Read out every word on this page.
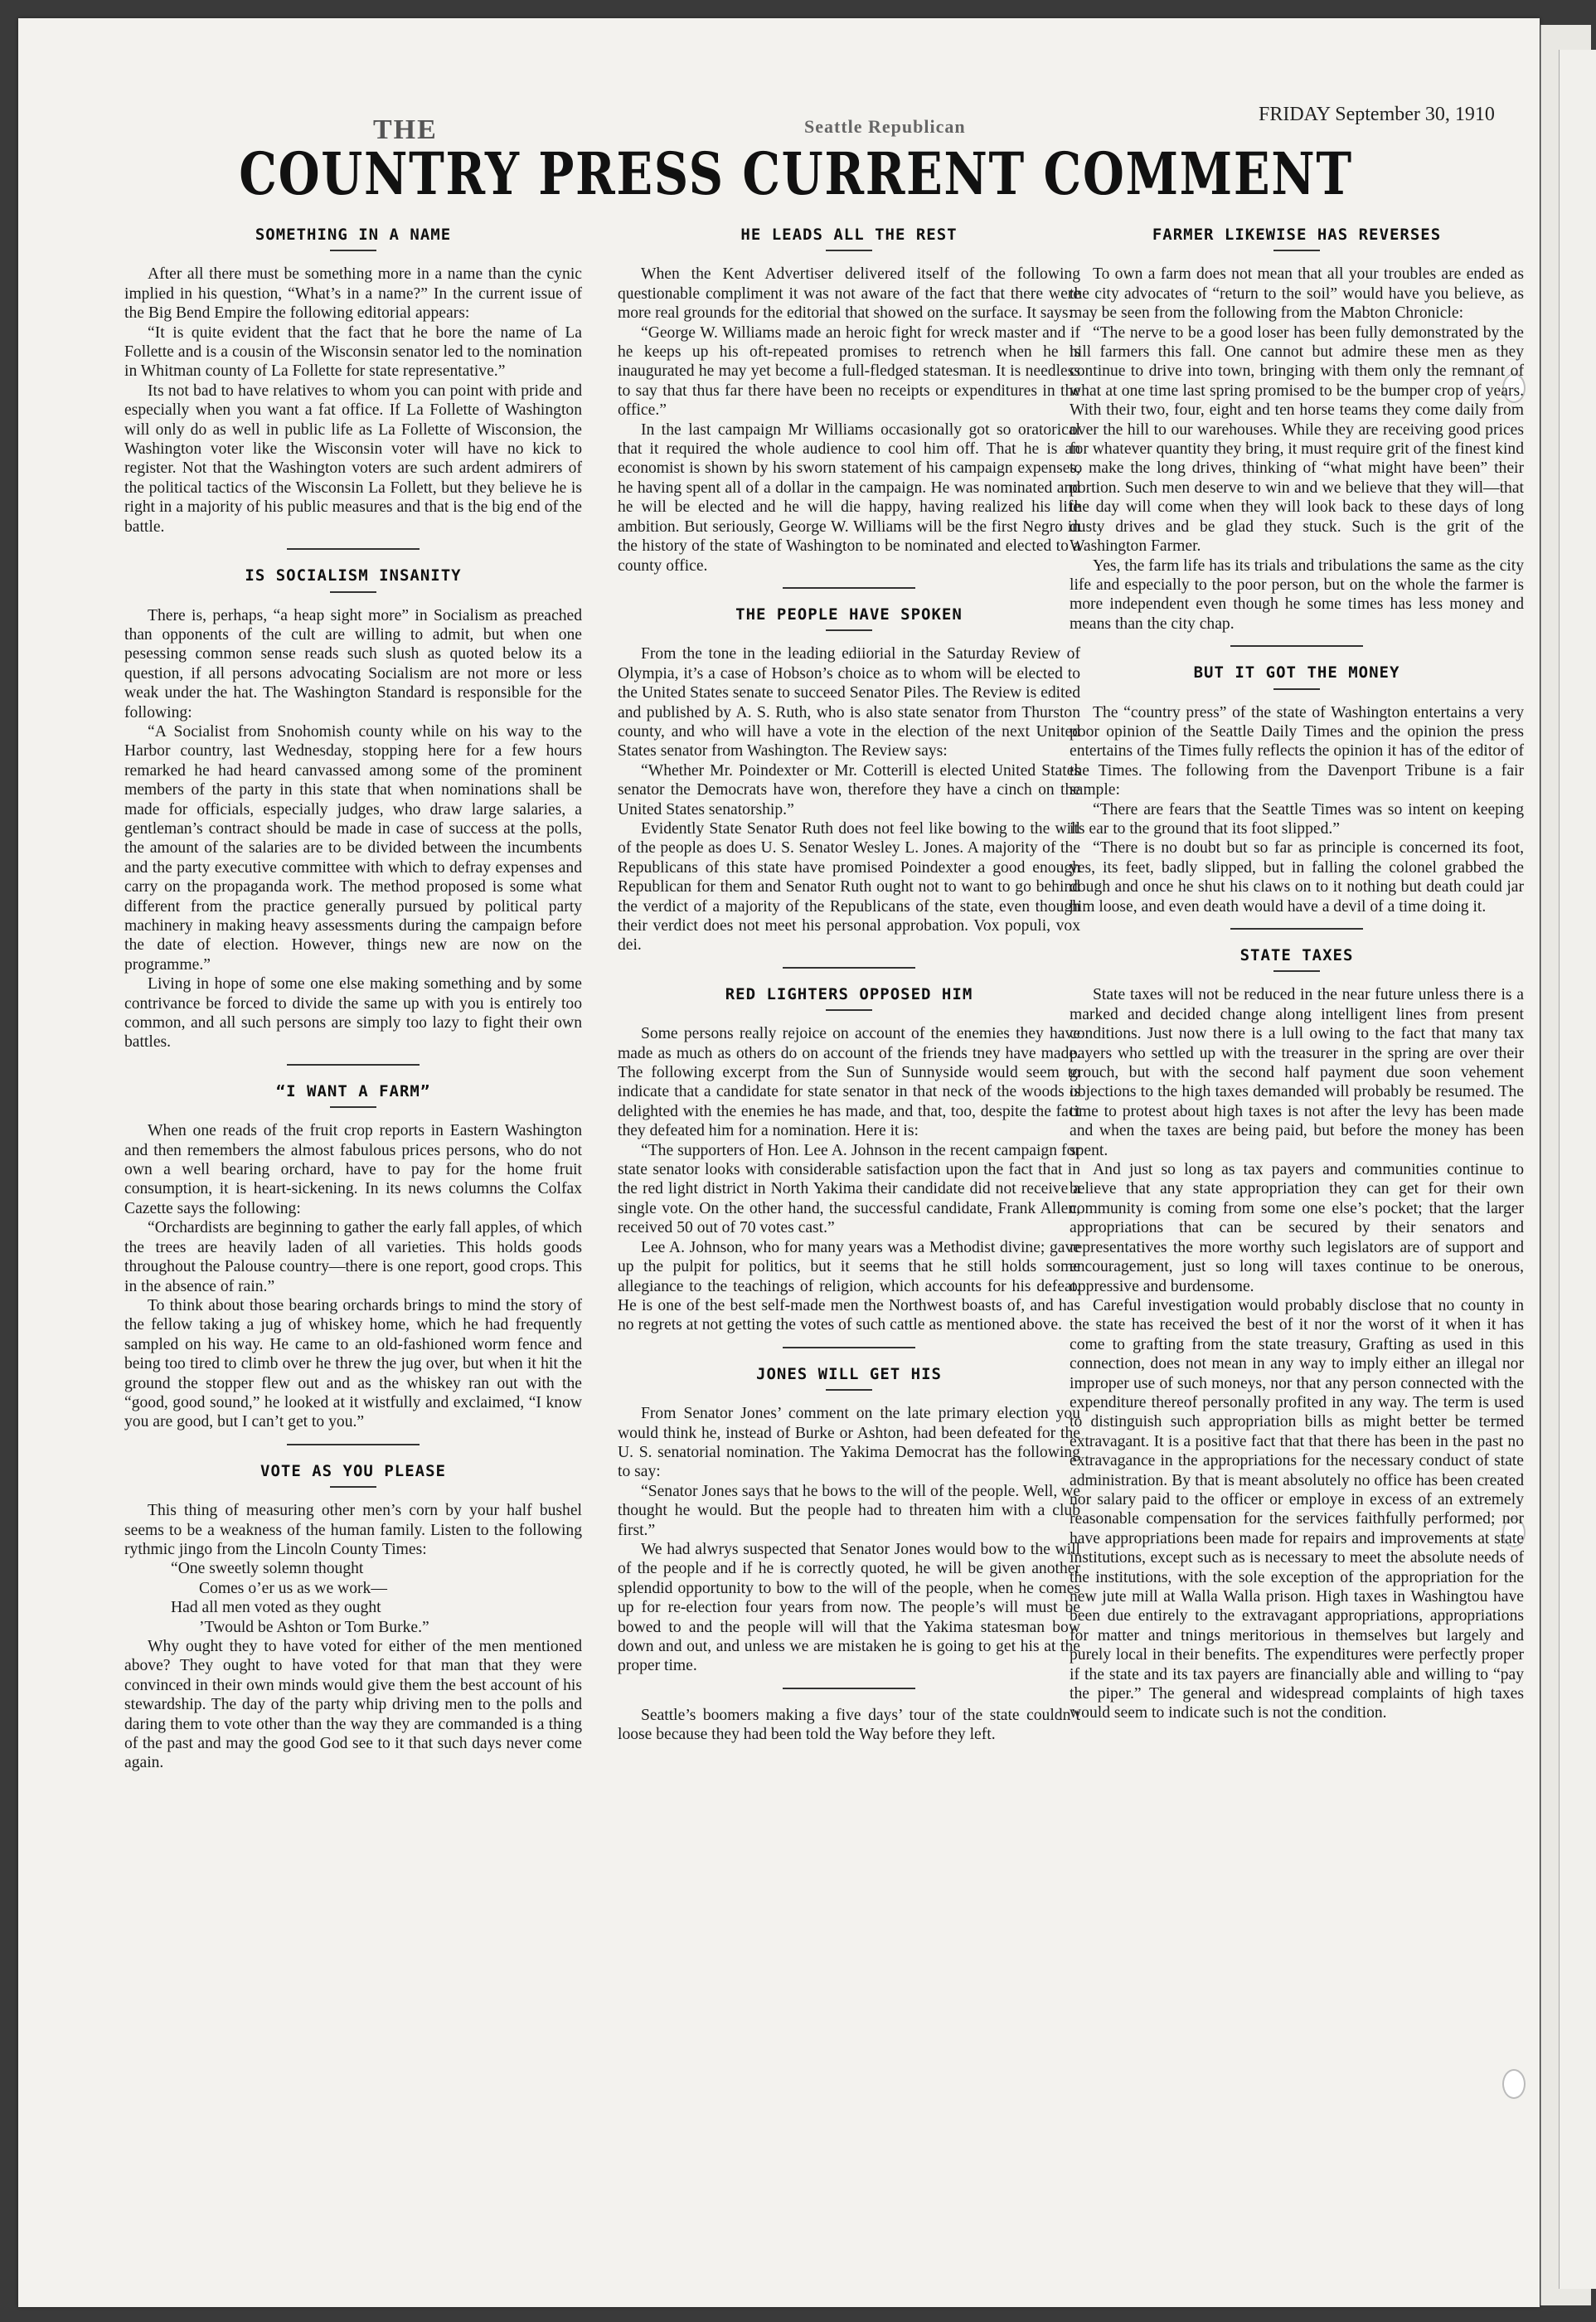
THE	Seattle Republican
FRIDAY September 30, 1910
COUNTRY PRESS CURRENT COMMENT
SOMETHING IN A NAME

After all there must be something more in a name than the cynic implied in his question, “What’s in a name?” In the current issue of the Big Bend Empire the following editorial appears:

“It is quite evident that the fact that he bore the name of La Follette and is a cousin of the Wisconsin senator led to the nomination in Whitman county of La Follette for state representative.”

Its not bad to have relatives to whom you can point with pride and especially when you want a fat office. If La Follette of Washington will only do as well in public life as La Follette of Wisconsion, the Washington voter like the Wisconsin voter will have no kick to register. Not that the Washington voters are such ardent admirers of the political tactics of the Wisconsin La Follett, but they believe he is right in a majority of his public measures and that is the big end of the battle.

IS SOCIALISM INSANITY

There is, perhaps, “a heap sight more” in Socialism as preached than opponents of the cult are willing to admit, but when one pesessing common sense reads such slush as quoted below its a question, if all persons advocating Socialism are not more or less weak under the hat. The Washington Standard is responsible for the following:

“A Socialist from Snohomish county while on his way to the Harbor country, last Wednesday, stopping here for a few hours remarked he had heard canvassed among some of the prominent members of the party in this state that when nominations shall be made for officials, especially judges, who draw large salaries, a gentleman’s contract should be made in case of success at the polls, the amount of the salaries are to be divided between the incumbents and the party executive committee with which to defray expenses and carry on the propaganda work. The method proposed is some what different from the practice generally pursued by political party machinery in making heavy assessments during the campaign before the date of election. However, things new are now on the programme.”

Living in hope of some one else making something and by some contrivance be forced to divide the same up with you is entirely too common, and all such persons are simply too lazy to fight their own battles.

“I WANT A FARM”

When one reads of the fruit crop reports in Eastern Washington and then remembers the almost fabulous prices persons, who do not own a well bearing orchard, have to pay for the home fruit consumption, it is heart-sickening. In its news columns the Colfax Cazette says the following:

“Orchardists are beginning to gather the early fall apples, of which the trees are heavily laden of all varieties. This holds goods throughout the Palouse country—there is one report, good crops. This in the absence of rain.”

To think about those bearing orchards brings to mind the story of the fellow taking a jug of whiskey home, which he had frequently sampled on his way. He came to an old-fashioned worm fence and being too tired to climb over he threw the jug over, but when it hit the ground the stopper flew out and as the whiskey ran out with the “good, good sound,” he looked at it wistfully and exclaimed, “I know you are good, but I can’t get to you.”

VOTE AS YOU PLEASE

This thing of measuring other men’s corn by your half bushel seems to be a weakness of the human family. Listen to the following rythmic jingo from the Lincoln County Times:

“One sweetly solemn thought

Comes o’er us as we work—

Had all men voted as they ought

’Twould be Ashton or Tom Burke.”

Why ought they to have voted for either of the men mentioned above? They ought to have voted for that man that they were convinced in their own minds would give them the best account of his stewardship. The day of the party whip driving men to the polls and daring them to vote other than the way they are commanded is a thing of the past and may the good God see to it that such days never come again.

HE LEADS ALL THE REST

When the Kent Advertiser delivered itself of the following questionable compliment it was not aware of the fact that there were more real grounds for the editorial that showed on the surface. It says:

“George W. Williams made an heroic fight for wreck master and if he keeps up his oft-repeated promises to retrench when he is inaugurated he may yet become a full-fledged statesman. It is needless to say that thus far there have been no receipts or expenditures in the office.”

In the last campaign Mr Williams occasionally got so oratorical that it required the whole audience to cool him off. That he is an economist is shown by his sworn statement of his campaign expenses, he having spent all of a dollar in the campaign. He was nominated and he will be elected and he will die happy, having realized his life ambition. But seriously, George W. Williams will be the first Negro in the history of the state of Washington to be nominated and elected to a county office.

THE PEOPLE HAVE SPOKEN

From the tone in the leading ediiorial in the Saturday Review of Olympia, it’s a case of Hobson’s choice as to whom will be elected to the United States senate to succeed Senator Piles. The Review is edited and published by A. S. Ruth, who is also state senator from Thurston county, and who will have a vote in the election of the next United States senator from Washington. The Review says:

“Whether Mr. Poindexter or Mr. Cotterill is elected United States senator the Democrats have won, therefore they have a cinch on the United States senatorship.”

Evidently State Senator Ruth does not feel like bowing to the will of the people as does U. S. Senator Wesley L. Jones. A majority of the Republicans of this state have promised Poindexter a good enough Republican for them and Senator Ruth ought not to want to go behind the verdict of a majority of the Republicans of the state, even though their verdict does not meet his personal approbation. Vox populi, vox dei.

RED LIGHTERS OPPOSED HIM

Some persons really rejoice on account of the enemies they have made as much as others do on account of the friends tney have made. The following excerpt from the Sun of Sunnyside would seem to indicate that a candidate for state senator in that neck of the woods is delighted with the enemies he has made, and that, too, despite the fact they defeated him for a nomination. Here it is:

“The supporters of Hon. Lee A. Johnson in the recent campaign for state senator looks with considerable satisfaction upon the fact that in the red light district in North Yakima their candidate did not receive a single vote. On the other hand, the successful candidate, Frank Allen, received 50 out of 70 votes cast.”

Lee A. Johnson, who for many years was a Methodist divine; gave up the pulpit for politics, but it seems that he still holds some allegiance to the teachings of religion, which accounts for his defeat. He is one of the best self-made men the Northwest boasts of, and has no regrets at not getting the votes of such cattle as mentioned above.

JONES WILL GET HIS

From Senator Jones’ comment on the late primary election you would think he, instead of Burke or Ashton, had been defeated for the U. S. senatorial nomination. The Yakima Democrat has the following to say:

“Senator Jones says that he bows to the will of the people. Well, we thought he would. But the people had to threaten him with a club first.”

We had alwrys suspected that Senator Jones would bow to the will of the people and if he is correctly quoted, he will be given another splendid opportunity to bow to the will of the people, when he comes up for re-election four years from now. The people’s will must be bowed to and the people will will that the Yakima statesman bow down and out, and unless we are mistaken he is going to get his at the proper time.

Seattle’s boomers making a five days’ tour of the state couldn’t loose because they had been told the Way before they left.

FARMER LIKEWISE HAS REVERSES

To own a farm does not mean that all your troubles are ended as the city advocates of “return to the soil” would have you believe, as may be seen from the following from the Mabton Chronicle:

“The nerve to be a good loser has been fully demonstrated by the hill farmers this fall. One cannot but admire these men as they continue to drive into town, bringing with them only the remnant of what at one time last spring promised to be the bumper crop of years. With their two, four, eight and ten horse teams they come daily from over the hill to our warehouses. While they are receiving good prices for whatever quantity they bring, it must require grit of the finest kind to make the long drives, thinking of “what might have been” their portion. Such men deserve to win and we believe that they will—that the day will come when they will look back to these days of long dusty drives and be glad they stuck. Such is the grit of the Washington Farmer.

Yes, the farm life has its trials and tribulations the same as the city life and especially to the poor person, but on the whole the farmer is more independent even though he some times has less money and means than the city chap.

BUT IT GOT THE MONEY

The “country press” of the state of Washington entertains a very poor opinion of the Seattle Daily Times and the opinion the press entertains of the Times fully reflects the opinion it has of the editor of the Times. The following from the Davenport Tribune is a fair sample:

“There are fears that the Seattle Times was so intent on keeping its ear to the ground that its foot slipped.”

“There is no doubt but so far as principle is concerned its foot, yes, its feet, badly slipped, but in falling the colonel grabbed the dough and once he shut his claws on to it nothing but death could jar him loose, and even death would have a devil of a time doing it.

STATE TAXES

State taxes will not be reduced in the near future unless there is a marked and decided change along intelligent lines from present conditions. Just now there is a lull owing to the fact that many tax payers who settled up with the treasurer in the spring are over their grouch, but with the second half payment due soon vehement objections to the high taxes demanded will probably be resumed. The time to protest about high taxes is not after the levy has been made and when the taxes are being paid, but before the money has been spent.

And just so long as tax payers and communities continue to believe that any state appropriation they can get for their own community is coming from some one else’s pocket; that the larger appropriations that can be secured by their senators and representatives the more worthy such legislators are of support and encouragement, just so long will taxes continue to be onerous, oppressive and burdensome.

Careful investigation would probably disclose that no county in the state has received the best of it nor the worst of it when it has come to grafting from the state treasury, Grafting as used in this connection, does not mean in any way to imply either an illegal nor improper use of such moneys, nor that any person connected with the expenditure thereof personally profited in any way. The term is used to distinguish such appropriation bills as might better be termed extravagant. It is a positive fact that that there has been in the past no extravagance in the appropriations for the necessary conduct of state administration. By that is meant absolutely no office has been created nor salary paid to the officer or employe in excess of an extremely reasonable compensation for the services faithfully performed; nor have appropriations been made for repairs and improvements at state institutions, except such as is necessary to meet the absolute needs of the institutions, with the sole exception of the appropriation for the new jute mill at Walla Walla prison. High taxes in Washingtou have been due entirely to the extravagant appropriations, appropriations for matter and tnings meritorious in themselves but largely and purely local in their benefits. The expenditures were perfectly proper if the state and its tax payers are financially able and willing to “pay the piper.” The general and widespread complaints of high taxes would seem to indicate such is not the condition.
